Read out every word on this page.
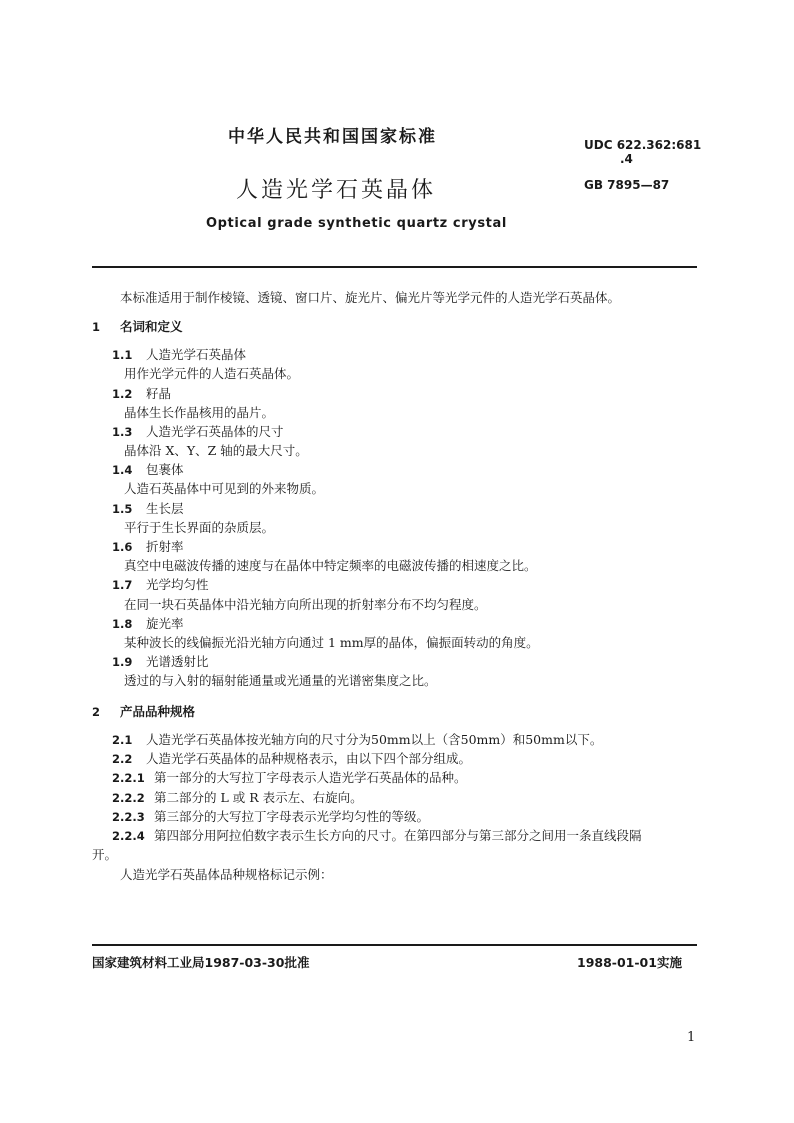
中华人民共和国国家标准	UDC 622.362:681
.4
GB 7895—87
人造光学石英晶体
Optical grade synthetic quartz crystal
本标准适用于制作棱镜、透镜、窗口片、旋光片、偏光片等光学元件的人造光学石英晶体。
1 名词和定义
1.1 人造光学石英晶体
用作光学元件的人造石英晶体。
1.2 籽晶
晶体生长作晶核用的晶片。
1.3 人造光学石英晶体的尺寸
晶体沿 X、Y、Z 轴的最大尺寸。
1.4 包裹体
人造石英晶体中可见到的外来物质。
1.5 生长层
平行于生长界面的杂质层。
1.6 折射率
真空中电磁波传播的速度与在晶体中特定频率的电磁波传播的相速度之比。
1.7 光学均匀性
在同一块石英晶体中沿光轴方向所出现的折射率分布不均匀程度。
1.8 旋光率
某种波长的线偏振光沿光轴方向通过 1 mm厚的晶体，偏振面转动的角度。
1.9 光谱透射比
透过的与入射的辐射能通量或光通量的光谱密集度之比。
2 产品品种规格
2.1 人造光学石英晶体按光轴方向的尺寸分为50mm以上（含50mm）和50mm以下。
2.2 人造光学石英晶体的品种规格表示，由以下四个部分组成。
2.2.1 第一部分的大写拉丁字母表示人造光学石英晶体的品种。
2.2.2 第二部分的 L 或 R 表示左、右旋向。
2.2.3 第三部分的大写拉丁字母表示光学均匀性的等级。
2.2.4 第四部分用阿拉伯数字表示生长方向的尺寸。在第四部分与第三部分之间用一条直线段隔
开。
人造光学石英晶体品种规格标记示例：
国家建筑材料工业局1987-03-30批准	1988-01-01实施
1
